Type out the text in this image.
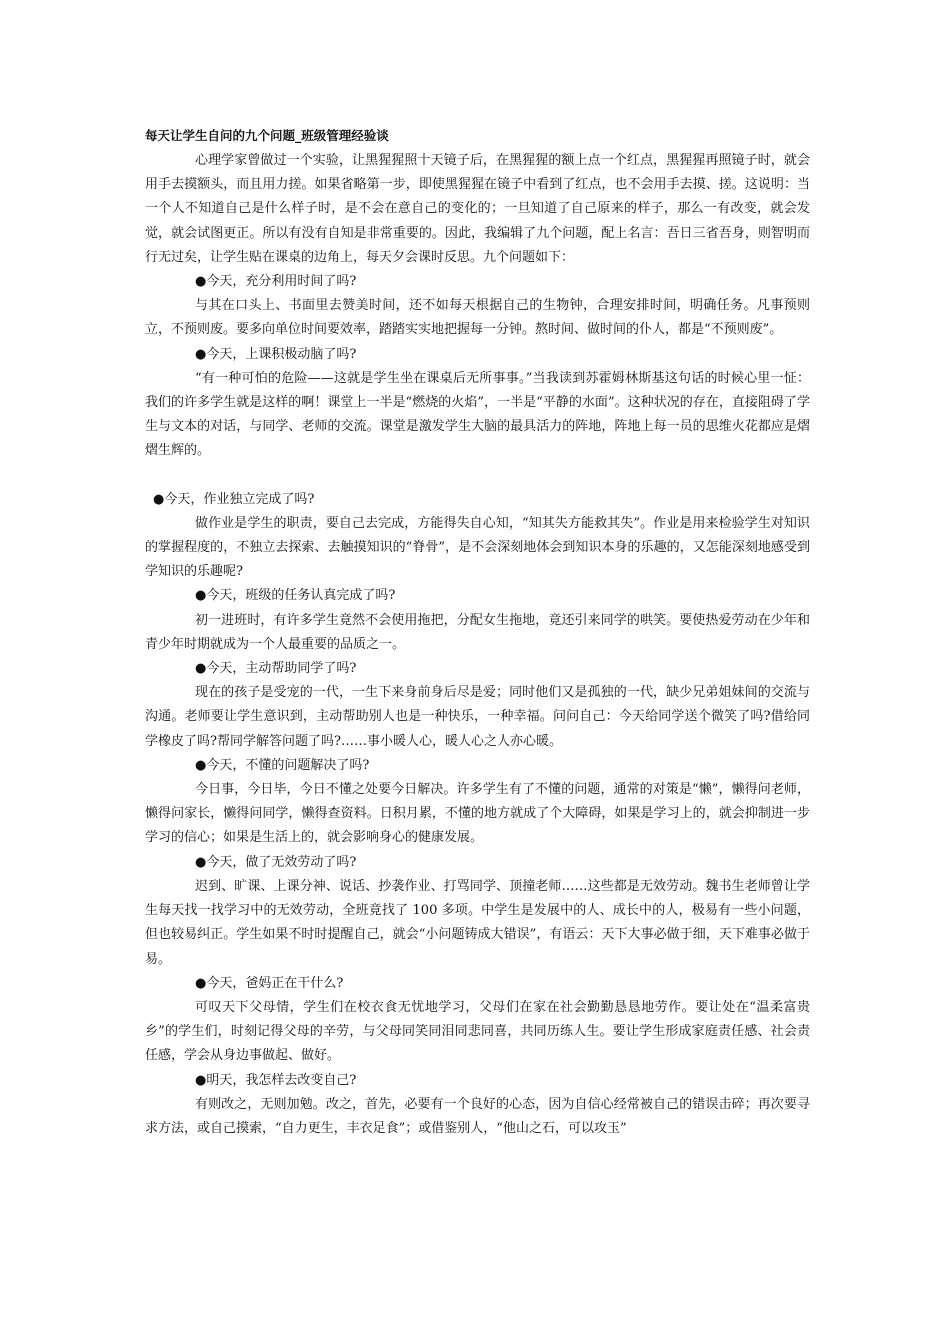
每天让学生自问的九个问题_班级管理经验谈

心理学家曾做过一个实验，让黑猩猩照十天镜子后，在黑猩猩的额上点一个红点，黑猩猩再照镜子时，就会用手去摸额头，而且用力搓。如果省略第一步，即使黑猩猩在镜子中看到了红点，也不会用手去摸、搓。这说明：当一个人不知道自己是什么样子时，是不会在意自己的变化的；一旦知道了自己原来的样子，那么一有改变，就会发觉，就会试图更正。所以有没有自知是非常重要的。因此，我编辑了九个问题，配上名言：吾日三省吾身，则智明而行无过矣，让学生贴在课桌的边角上，每天夕会课时反思。九个问题如下：

●今天，充分利用时间了吗?

与其在口头上、书面里去赞美时间，还不如每天根据自己的生物钟，合理安排时间，明确任务。凡事预则立，不预则废。要多向单位时间要效率，踏踏实实地把握每一分钟。熬时间、做时间的仆人，都是“不预则废”。

●今天，上课积极动脑了吗?

“有一种可怕的危险——这就是学生坐在课桌后无所事事。”当我读到苏霍姆林斯基这句话的时候心里一怔：我们的许多学生就是这样的啊！课堂上一半是“燃烧的火焰”，一半是“平静的水面”。这种状况的存在，直接阻碍了学生与文本的对话，与同学、老师的交流。课堂是激发学生大脑的最具活力的阵地，阵地上每一员的思维火花都应是熠熠生辉的。

●今天，作业独立完成了吗?

做作业是学生的职责，要自己去完成，方能得失自心知，“知其失方能救其失”。作业是用来检验学生对知识的掌握程度的，不独立去探索、去触摸知识的“脊骨”，是不会深刻地体会到知识本身的乐趣的，又怎能深刻地感受到学知识的乐趣呢?

●今天，班级的任务认真完成了吗?

初一进班时，有许多学生竟然不会使用拖把，分配女生拖地，竟还引来同学的哄笑。要使热爱劳动在少年和青少年时期就成为一个人最重要的品质之一。

●今天，主动帮助同学了吗?

现在的孩子是受宠的一代，一生下来身前身后尽是爱；同时他们又是孤独的一代，缺少兄弟姐妹间的交流与沟通。老师要让学生意识到，主动帮助别人也是一种快乐，一种幸福。问问自己：今天给同学送个微笑了吗?借给同学橡皮了吗?帮同学解答问题了吗?……事小暖人心，暖人心之人亦心暖。

●今天，不懂的问题解决了吗?

今日事，今日毕，今日不懂之处要今日解决。许多学生有了不懂的问题，通常的对策是“懒”，懒得问老师，懒得问家长，懒得问同学，懒得查资料。日积月累，不懂的地方就成了个大障碍，如果是学习上的，就会抑制进一步学习的信心；如果是生活上的，就会影响身心的健康发展。

●今天，做了无效劳动了吗?

迟到、旷课、上课分神、说话、抄袭作业、打骂同学、顶撞老师……这些都是无效劳动。魏书生老师曾让学生每天找一找学习中的无效劳动，全班竟找了 100 多项。中学生是发展中的人、成长中的人，极易有一些小问题，但也较易纠正。学生如果不时时提醒自己，就会“小问题铸成大错误”，有语云：天下大事必做于细，天下难事必做于易。

●今天，爸妈正在干什么?

可叹天下父母情，学生们在校衣食无忧地学习，父母们在家在社会勤勤恳恳地劳作。要让处在“温柔富贵乡”的学生们，时刻记得父母的辛劳，与父母同笑同泪同悲同喜，共同历练人生。要让学生形成家庭责任感、社会责任感，学会从身边事做起、做好。

●明天，我怎样去改变自己?

有则改之，无则加勉。改之，首先，必要有一个良好的心态，因为自信心经常被自己的错误击碎；再次要寻求方法，或自己摸索，“自力更生，丰衣足食”；或借鉴别人，“他山之石，可以攻玉”
